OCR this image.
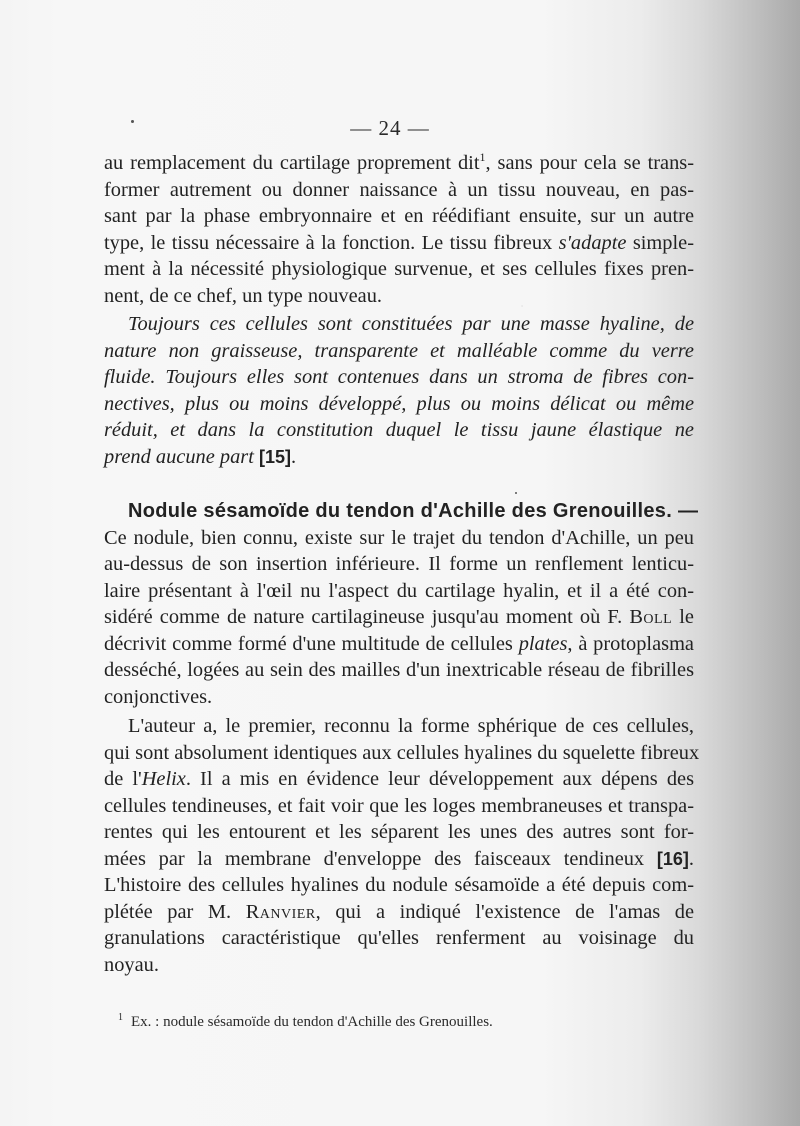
.
— 24 —
au remplacement du cartilage proprement dit$^1$, sans pour cela se trans-
former autrement ou donner naissance à un tissu nouveau, en pas-
sant par la phase embryonnaire et en réédifiant ensuite, sur un autre
type, le tissu nécessaire à la fonction. Le tissu fibreux s'adapte simple-
ment à la nécessité physiologique survenue, et ses cellules fixes pren-
nent, de ce chef, un type nouveau.
Toujours ces cellules sont constituées par une masse hyaline, de
nature non graisseuse, transparente et malléable comme du verre
fluide. Toujours elles sont contenues dans un stroma de fibres con-
nectives, plus ou moins développé, plus ou moins délicat ou même
réduit, et dans la constitution duquel le tissu jaune élastique ne
prend aucune part [15].
Nodule sésamoïde du tendon d'Achille des Grenouilles. —
Ce nodule, bien connu, existe sur le trajet du tendon d'Achille, un peu
au-dessus de son insertion inférieure. Il forme un renflement lenticu-
laire présentant à l'œil nu l'aspect du cartilage hyalin, et il a été con-
sidéré comme de nature cartilagineuse jusqu'au moment où F. Boll le
décrivit comme formé d'une multitude de cellules plates, à protoplasma
desséché, logées au sein des mailles d'un inextricable réseau de fibrilles
conjonctives.
L'auteur a, le premier, reconnu la forme sphérique de ces cellules,
qui sont absolument identiques aux cellules hyalines du squelette fibreux
de l'Helix. Il a mis en évidence leur développement aux dépens des
cellules tendineuses, et fait voir que les loges membraneuses et transpa-
rentes qui les entourent et les séparent les unes des autres sont for-
mées par la membrane d'enveloppe des faisceaux tendineux [16].
L'histoire des cellules hyalines du nodule sésamoïde a été depuis com-
plétée par M. Ranvier, qui a indiqué l'existence de l'amas de
granulations caractéristique qu'elles renferment au voisinage du
noyau.
$^1$ Ex. : nodule sésamoïde du tendon d'Achille des Grenouilles.
